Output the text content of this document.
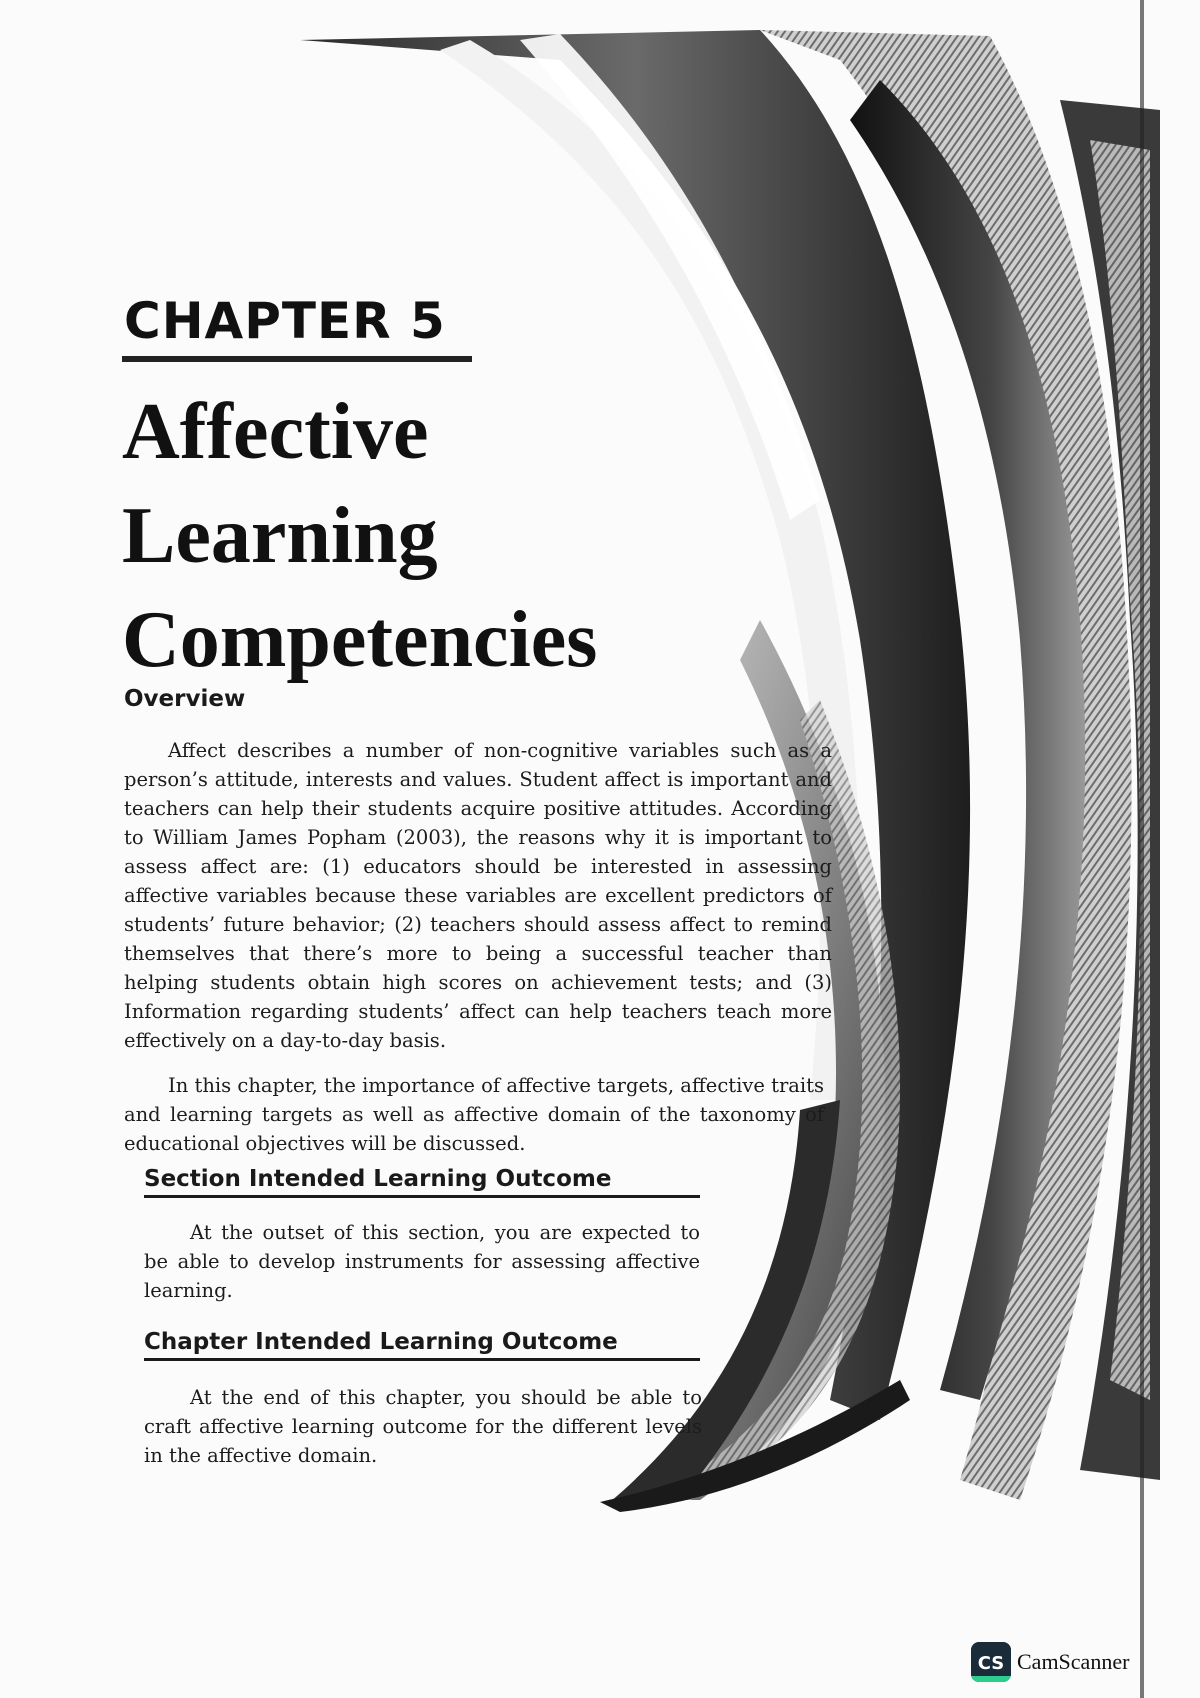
CHAPTER 5
Affective
Learning
Competencies
Overview

Affect describes a number of non-cognitive variables such as a person’s attitude, interests and values. Student affect is important and teachers can help their students acquire positive attitudes. According to William James Popham (2003), the reasons why it is important to assess affect are: (1) educators should be interested in assessing affective variables because these variables are excellent predictors of students’ future behavior; (2) teachers should assess affect to remind themselves that there’s more to being a successful teacher than helping students obtain high scores on achievement tests; and (3) Information regarding students’ affect can help teachers teach more effectively on a day-to-day basis.

In this chapter, the importance of affective targets, affective traits and learning targets as well as affective domain of the taxonomy of educational objectives will be discussed.

Section Intended Learning Outcome

At the outset of this section, you are expected to be able to develop instruments for assessing affective learning.

Chapter Intended Learning Outcome

At the end of this chapter, you should be able to craft affective learning outcome for the different levels in the affective domain.

CS CamScanner
